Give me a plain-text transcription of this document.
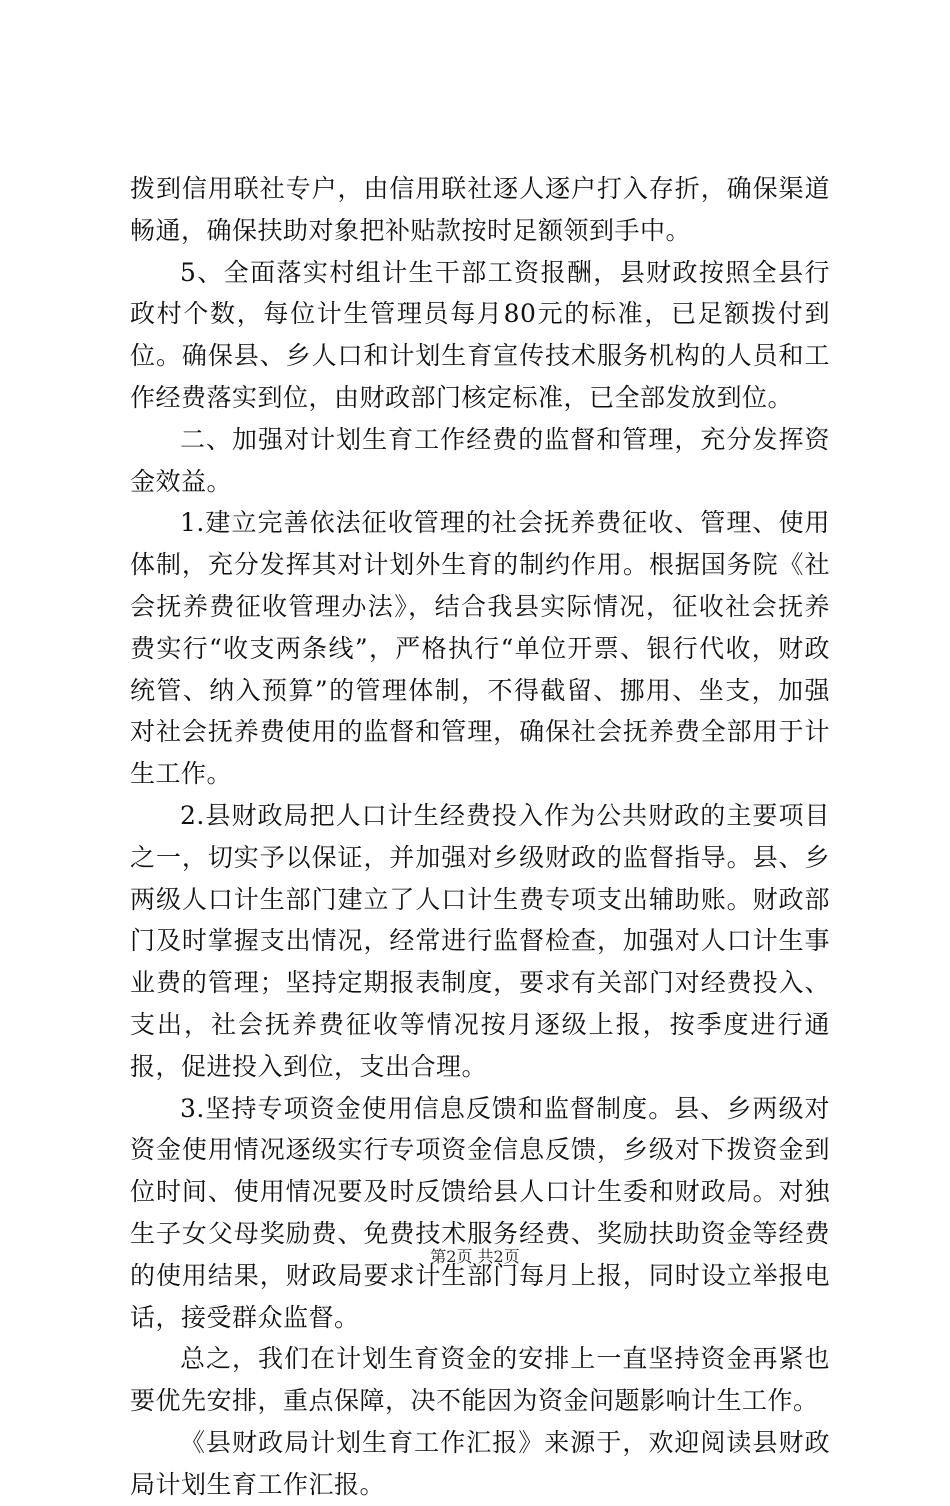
拨到信用联社专户，由信用联社逐人逐户打入存折，确保渠道畅通，确保扶助对象把补贴款按时足额领到手中。

5、全面落实村组计生干部工资报酬，县财政按照全县行政村个数，每位计生管理员每月80元的标准，已足额拨付到位。确保县、乡人口和计划生育宣传技术服务机构的人员和工作经费落实到位，由财政部门核定标准，已全部发放到位。

二、加强对计划生育工作经费的监督和管理，充分发挥资金效益。

1.建立完善依法征收管理的社会抚养费征收、管理、使用体制，充分发挥其对计划外生育的制约作用。根据国务院《社会抚养费征收管理办法》，结合我县实际情况，征收社会抚养费实行“收支两条线”，严格执行“单位开票、银行代收，财政统管、纳入预算”的管理体制，不得截留、挪用、坐支，加强对社会抚养费使用的监督和管理，确保社会抚养费全部用于计生工作。

2.县财政局把人口计生经费投入作为公共财政的主要项目之一，切实予以保证，并加强对乡级财政的监督指导。县、乡两级人口计生部门建立了人口计生费专项支出辅助账。财政部门及时掌握支出情况，经常进行监督检查，加强对人口计生事业费的管理；坚持定期报表制度，要求有关部门对经费投入、支出，社会抚养费征收等情况按月逐级上报，按季度进行通报，促进投入到位，支出合理。

3.坚持专项资金使用信息反馈和监督制度。县、乡两级对资金使用情况逐级实行专项资金信息反馈，乡级对下拨资金到位时间、使用情况要及时反馈给县人口计生委和财政局。对独生子女父母奖励费、免费技术服务经费、奖励扶助资金等经费的使用结果，财政局要求计生部门每月上报，同时设立举报电话，接受群众监督。

总之，我们在计划生育资金的安排上一直坚持资金再紧也要优先安排，重点保障，决不能因为资金问题影响计生工作。

《县财政局计划生育工作汇报》来源于，欢迎阅读县财政局计划生育工作汇报。

第2页 共2页
